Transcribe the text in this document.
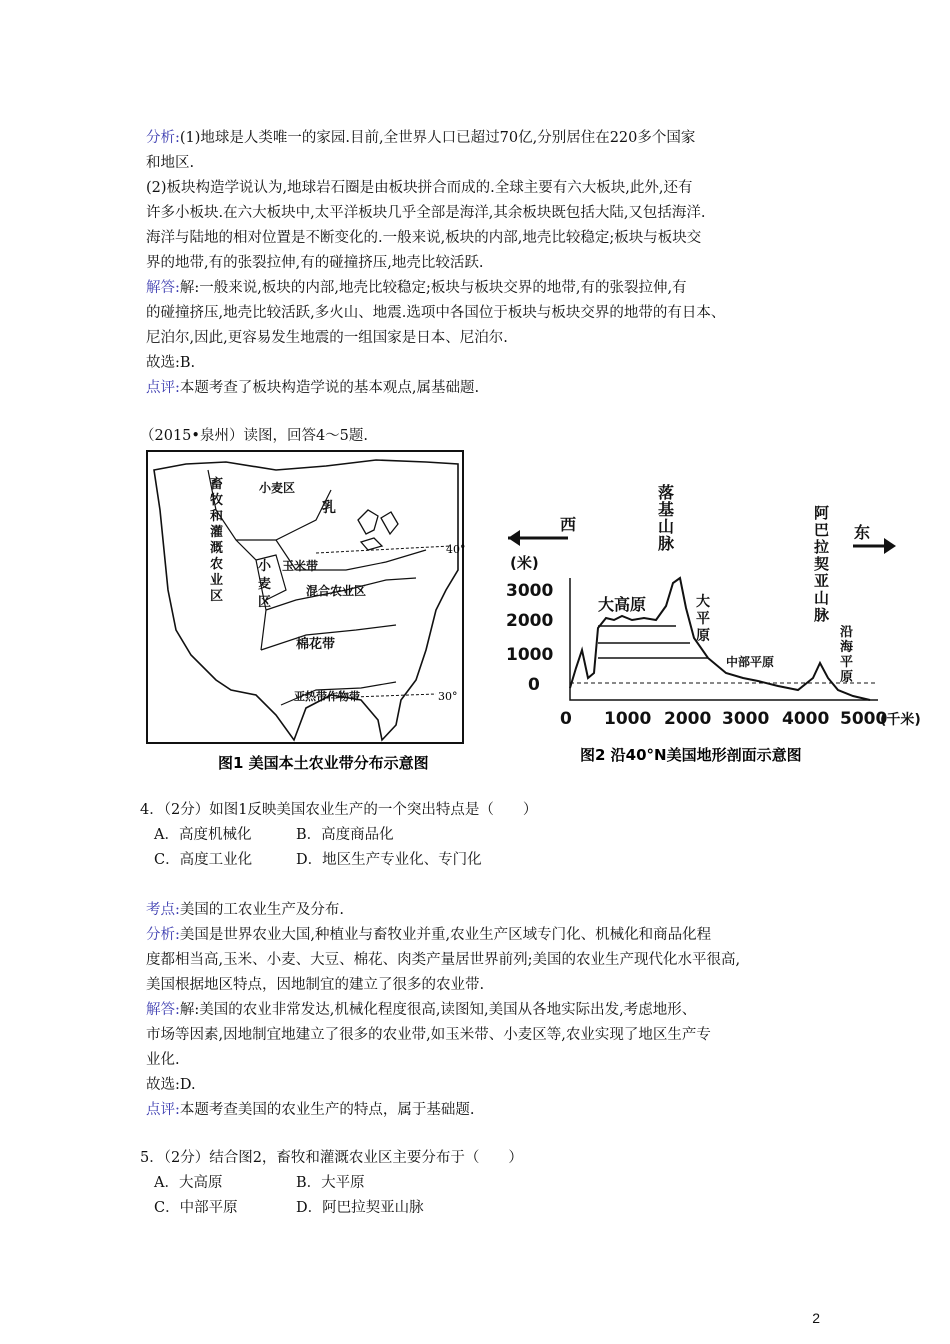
分析:(1)地球是人类唯一的家园.目前,全世界人口已超过70亿,分别居住在220多个国家
和地区.
(2)板块构造学说认为,地球岩石圈是由板块拼合而成的.全球主要有六大板块,此外,还有
许多小板块.在六大板块中,太平洋板块几乎全部是海洋,其余板块既包括大陆,又包括海洋.
海洋与陆地的相对位置是不断变化的.一般来说,板块的内部,地壳比较稳定;板块与板块交
界的地带,有的张裂拉伸,有的碰撞挤压,地壳比较活跃.
解答:解:一般来说,板块的内部,地壳比较稳定;板块与板块交界的地带,有的张裂拉伸,有
的碰撞挤压,地壳比较活跃,多火山、地震.选项中各国位于板块与板块交界的地带的有日本、
尼泊尔,因此,更容易发生地震的一组国家是日本、尼泊尔.
故选:B.
点评:本题考查了板块构造学说的基本观点,属基础题.
（2015•泉州）读图，回答4～5题.
40°
30°
畜
牧
和
灌
溉
农
业
区
小麦区
乳
玉米带
小
麦
区
混合农业区
棉花带
亚热带作物带
图1 美国本土农业带分布示意图
西	东
(米)
3000
2000
1000
0
0 1000 2000 3000 4000 5000
(千米)
落
基
山
脉
大高原	大
平
原
中部平原
阿
巴
拉
契
亚
山
脉
沿
海
平
原
图2 沿40°N美国地形剖面示意图
4．（2分）如图1反映美国农业生产的一个突出特点是（　　）
A．高度机械化	B．高度商品化
C．高度工业化	D．地区生产专业化、专门化
考点:美国的工农业生产及分布.
分析:美国是世界农业大国,种植业与畜牧业并重,农业生产区域专门化、机械化和商品化程
度都相当高,玉米、小麦、大豆、棉花、肉类产量居世界前列;美国的农业生产现代化水平很高,
美国根据地区特点，因地制宜的建立了很多的农业带.
解答:解:美国的农业非常发达,机械化程度很高,读图知,美国从各地实际出发,考虑地形、
市场等因素,因地制宜地建立了很多的农业带,如玉米带、小麦区等,农业实现了地区生产专
业化.
故选:D.
点评:本题考查美国的农业生产的特点，属于基础题.
5．（2分）结合图2，畜牧和灌溉农业区主要分布于（　　）
A．大高原	B．大平原
C．中部平原	D．阿巴拉契亚山脉
2
